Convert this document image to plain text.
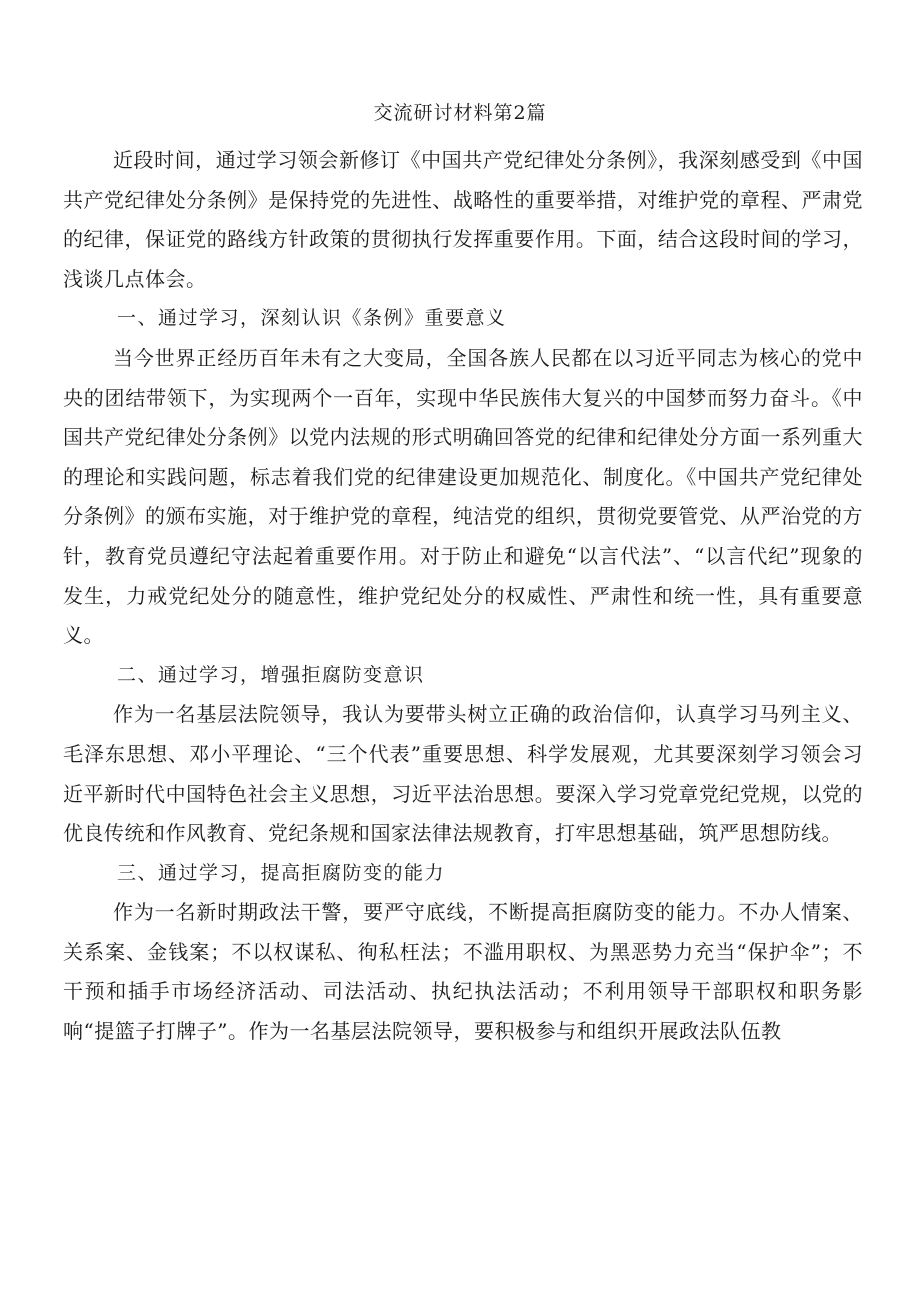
交流研讨材料第2篇

近段时间，通过学习领会新修订《中国共产党纪律处分条例》，我深刻感受到《中国共产党纪律处分条例》是保持党的先进性、战略性的重要举措，对维护党的章程、严肃党的纪律，保证党的路线方针政策的贯彻执行发挥重要作用。下面，结合这段时间的学习，浅谈几点体会。

一、通过学习，深刻认识《条例》重要意义

当今世界正经历百年未有之大变局，全国各族人民都在以习近平同志为核心的党中央的团结带领下，为实现两个一百年，实现中华民族伟大复兴的中国梦而努力奋斗。《中国共产党纪律处分条例》以党内法规的形式明确回答党的纪律和纪律处分方面一系列重大的理论和实践问题，标志着我们党的纪律建设更加规范化、制度化。《中国共产党纪律处分条例》的颁布实施，对于维护党的章程，纯洁党的组织，贯彻党要管党、从严治党的方针，教育党员遵纪守法起着重要作用。对于防止和避免“以言代法”、“以言代纪”现象的发生，力戒党纪处分的随意性，维护党纪处分的权威性、严肃性和统一性，具有重要意义。

二、通过学习，增强拒腐防变意识

作为一名基层法院领导，我认为要带头树立正确的政治信仰，认真学习马列主义、毛泽东思想、邓小平理论、“三个代表”重要思想、科学发展观，尤其要深刻学习领会习近平新时代中国特色社会主义思想，习近平法治思想。要深入学习党章党纪党规，以党的优良传统和作风教育、党纪条规和国家法律法规教育，打牢思想基础，筑严思想防线。

三、通过学习，提高拒腐防变的能力

作为一名新时期政法干警，要严守底线，不断提高拒腐防变的能力。不办人情案、关系案、金钱案；不以权谋私、徇私枉法；不滥用职权、为黑恶势力充当“保护伞”；不干预和插手市场经济活动、司法活动、执纪执法活动；不利用领导干部职权和职务影响“提篮子打牌子”。作为一名基层法院领导，要积极参与和组织开展政法队伍教
